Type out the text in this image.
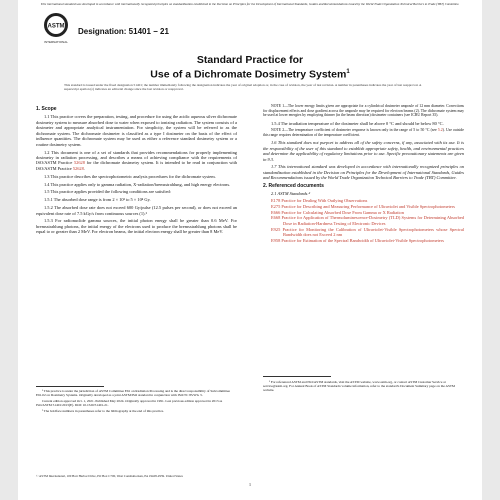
This international standard was developed in accordance with internationally recognized principles on standardization established in the Decision on Principles for the Development of International Standards, Guides and Recommendations issued by the World Trade Organization Technical Barriers to Trade (TBT) Committee.
ASTM
INTERNATIONAL
Designation: 51401 − 21
Standard Practice for
Use of a Dichromate Dosimetry System$^1$
This standard is issued under the fixed designation 51401; the number immediately following the designation indicates the year of original adoption or, in the case of revision, the year of last revision. A number in parentheses indicates the year of last reapproval. A superscript epsilon (ε) indicates an editorial change since the last revision or reapproval.
1. Scope

1.1 This practice covers the preparation, testing, and procedure for using the acidic aqueous silver dichromate dosimetry system to measure absorbed dose to water when exposed to ionizing radiation. The system consists of a dosimeter and appropriate analytical instrumentation. For simplicity, the system will be referred to as the dichromate system. The dichromate dosimeter is classified as a type I dosimeter on the basis of the effect of influence quantities. The dichromate system may be used as either a reference standard dosimetry system or a routine dosimetry system.

1.2 This document is one of a set of standards that provides recommendations for properly implementing dosimetry in radiation processing, and describes a means of achieving compliance with the requirements of ISO/ASTM Practice 52628 for the dichromate dosimetry system. It is intended to be read in conjunction with ISO/ASTM Practice 52628.

1.3 This practice describes the spectrophotometric analysis procedures for the dichromate system.

1.4 This practice applies only to gamma radiation, X-radiation/bremsstrahlung, and high energy electrons.

1.5 This practice applies provided the following conditions are satisfied:

1.5.1 The absorbed dose range is from 2 × 10³ to 5 × 10⁴ Gy.

1.5.2 The absorbed dose rate does not exceed 600 Gy/pulse (12.5 pulses per second), or does not exceed an equivalent dose rate of 7.5 kGy/s from continuous sources (1).²

1.5.3 For radionuclide gamma sources, the initial photon energy shall be greater than 0.6 MeV. For bremsstrahlung photons, the initial energy of the electrons used to produce the bremsstrahlung photons shall be equal to or greater than 2 MeV. For electron beams, the initial electron energy shall be greater than 8 MeV.

¹ This practice is under the jurisdiction of ASTM Committee E61 on Radiation Processing and is the direct responsibility of Subcommittee E61.02 on Dosimetry Systems. Originally developed as a joint ASTM/ISO standard in conjunction with ISO/TC 85/WG 3.

Current edition approved Oct. 1, 2021. Published May 2024. Originally approved in 1991. Last previous edition approved in 2013 as ISO/ASTM 51401:2013(E). DOI: 10.1520/51401-21.

² The boldface numbers in parentheses refer to the bibliography at the end of this practice.

NOTE 1—The lower energy limits given are appropriate for a cylindrical dosimeter ampoule of 12 mm diameter. Corrections for displacement effects and dose gradient across the ampoule may be required for electron beams (2). The dichromate system may be used at lower energies by employing thinner (in the beam direction) dosimeter containers (see ICRU Report 35).

1.5.4 The irradiation temperature of the dosimeter shall be above 0 °C and should be below 80 °C.

NOTE 2—The temperature coefficient of dosimeter response is known only in the range of 5 to 50 °C (see 5.2). Use outside this range requires determination of the temperature coefficient.

1.6 This standard does not purport to address all of the safety concerns, if any, associated with its use. It is the responsibility of the user of this standard to establish appropriate safety, health, and environmental practices and determine the applicability of regulatory limitations prior to use. Specific precautionary statements are given in 9.3.

1.7 This international standard was developed in accordance with internationally recognized principles on standardization established in the Decision on Principles for the Development of International Standards, Guides and Recommendations issued by the World Trade Organization Technical Barriers to Trade (TBT) Committee.

2. Referenced documents
2.1 ASTM Standards:³
E178 Practice for Dealing With Outlying Observations
E275 Practice for Describing and Measuring Performance of Ultraviolet and Visible Spectrophotometers
E666 Practice for Calculating Absorbed Dose From Gamma or X Radiation
E668 Practice for Application of Thermoluminescence-Dosimetry (TLD) Systems for Determining Absorbed Dose in Radiation-Hardness Testing of Electronic Devices
E925 Practice for Monitoring the Calibration of Ultraviolet-Visible Spectrophotometers whose Spectral Bandwidth does not Exceed 2 nm
E958 Practice for Estimation of the Spectral Bandwidth of Ultraviolet-Visible Spectrophotometers

³ For referenced ASTM and ISO/ASTM standards, visit the ASTM website, www.astm.org, or contact ASTM Customer Service at service@astm.org. For Annual Book of ASTM Standards volume information, refer to the standard's Document Summary page on the ASTM website.

© ASTM International, 100 Barr Harbor Drive, PO Box C700, West Conshohocken, PA 19428-2959. United States
1
